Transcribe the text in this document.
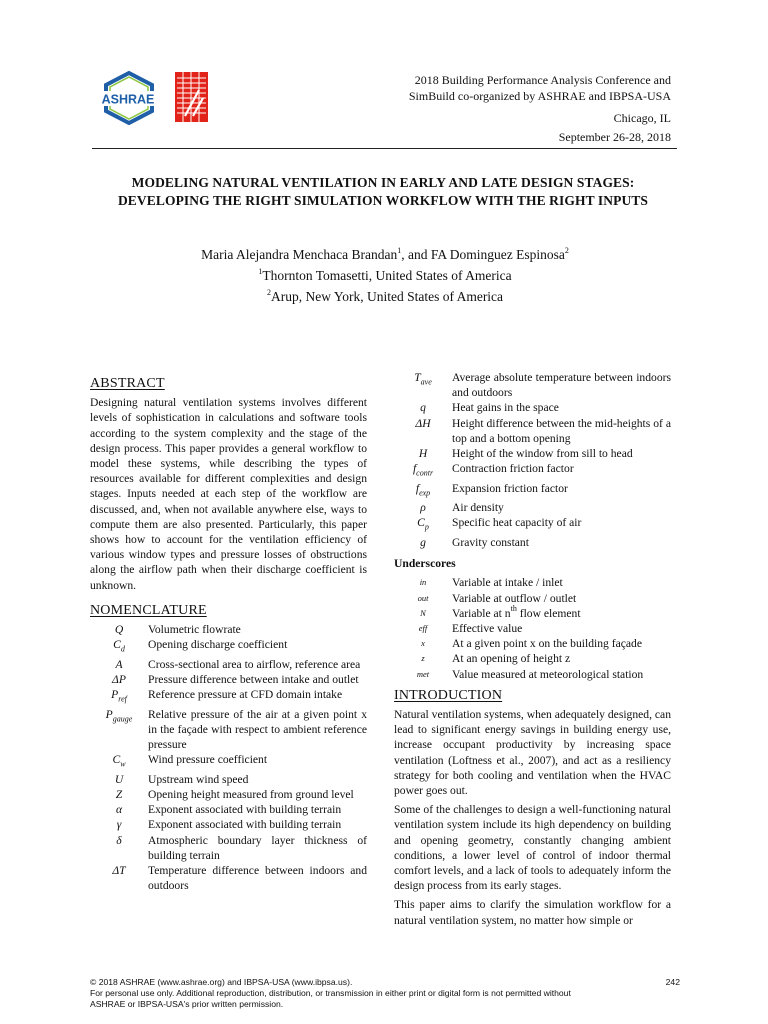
ASHRAE
2018 Building Performance Analysis Conference and
SimBuild co-organized by ASHRAE and IBPSA-USA
Chicago, IL
September 26-28, 2018
MODELING NATURAL VENTILATION IN EARLY AND LATE DESIGN STAGES: DEVELOPING THE RIGHT SIMULATION WORKFLOW WITH THE RIGHT INPUTS
Maria Alejandra Menchaca Brandan$^1$, and FA Dominguez Espinosa$^2$
$^1$Thornton Tomasetti, United States of America
$^2$Arup, New York, United States of America
ABSTRACT

Designing natural ventilation systems involves different levels of sophistication in calculations and software tools according to the system complexity and the stage of the design process. This paper provides a general workflow to model these systems, while describing the types of resources available for different complexities and design stages. Inputs needed at each step of the workflow are discussed, and, when not available anywhere else, ways to compute them are also presented. Particularly, this paper shows how to account for the ventilation efficiency of various window types and pressure losses of obstructions along the airflow path when their discharge coefficient is unknown.

NOMENCLATURE
Q	Volumetric flowrate
$C_d$	Opening discharge coefficient
A	Cross-sectional area to airflow, reference area
ΔP	Pressure difference between intake and outlet
$P_{ref}$	Reference pressure at CFD domain intake
$P_{gauge}$	Relative pressure of the air at a given point x in the façade with respect to ambient reference pressure
$C_w$	Wind pressure coefficient
U	Upstream wind speed
Z	Opening height measured from ground level
α	Exponent associated with building terrain
γ	Exponent associated with building terrain
δ	Atmospheric boundary layer thickness of building terrain
ΔT	Temperature difference between indoors and outdoors
$T_{ave}$	Average absolute temperature between indoors and outdoors
q	Heat gains in the space
ΔH	Height difference between the mid-heights of a top and a bottom opening
H	Height of the window from sill to head
$f_{contr}$	Contraction friction factor
$f_{exp}$	Expansion friction factor
ρ	Air density
$C_p$	Specific heat capacity of air
g	Gravity constant
Underscores
in	Variable at intake / inlet
out	Variable at outflow / outlet
N	Variable at $n^{th}$ flow element
eff	Effective value
x	At a given point x on the building façade
z	At an opening of height z
met	Value measured at meteorological station
INTRODUCTION

Natural ventilation systems, when adequately designed, can lead to significant energy savings in building energy use, increase occupant productivity by increasing space ventilation (Loftness et al., 2007), and act as a resiliency strategy for both cooling and ventilation when the HVAC power goes out.

Some of the challenges to design a well-functioning natural ventilation system include its high dependency on building and opening geometry, constantly changing ambient conditions, a lower level of control of indoor thermal comfort levels, and a lack of tools to adequately inform the design process from its early stages.

This paper aims to clarify the simulation workflow for a natural ventilation system, no matter how simple or

© 2018 ASHRAE (www.ashrae.org) and IBPSA-USA (www.ibpsa.us).
For personal use only. Additional reproduction, distribution, or transmission in either print or digital form is not permitted without
ASHRAE or IBPSA-USA's prior written permission.
242
